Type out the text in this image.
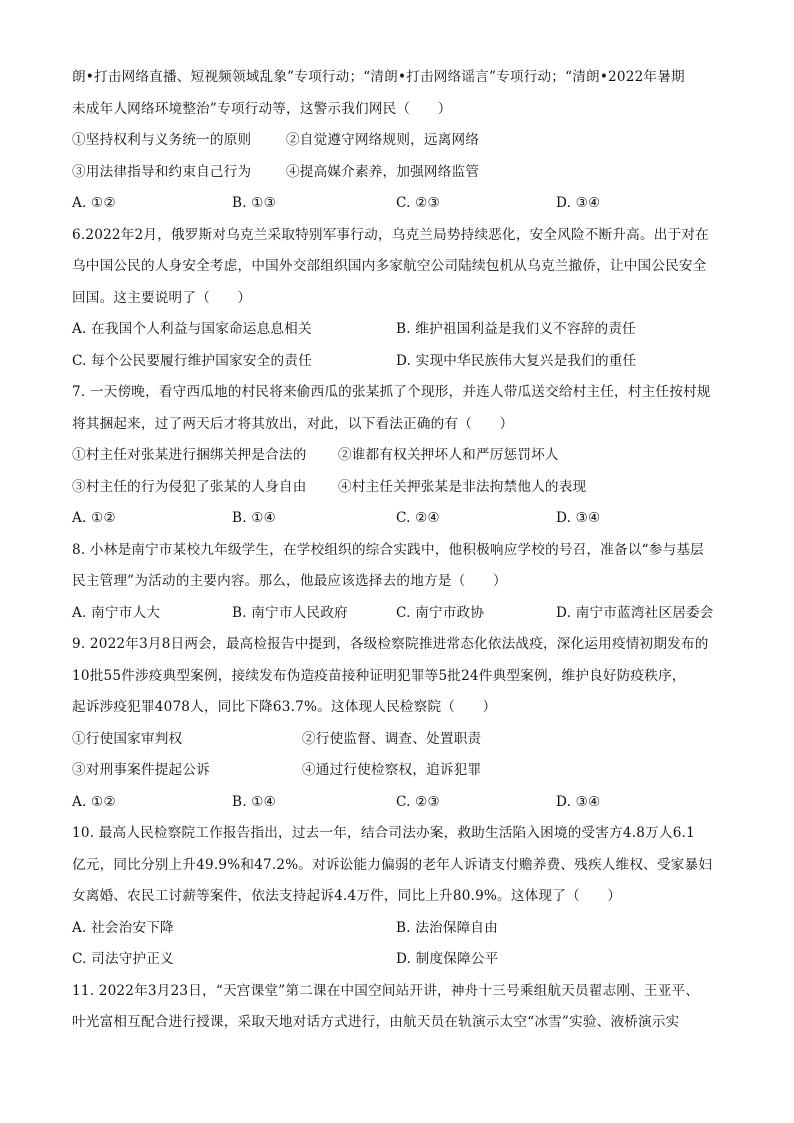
朗•打击网络直播、短视频领域乱象”专项行动；“清朗•打击网络谣言”专项行动；“清朗•2022年暑期
未成年人网络环境整治”专项行动等，这警示我们网民（　　）
①坚持权利与义务统一的原则	②自觉遵守网络规则，远离网络
③用法律指导和约束自己行为	④提高媒介素养，加强网络监管
A. ①②	B. ①③	C. ②③	D. ③④
6.2022年2月，俄罗斯对乌克兰采取特别军事行动，乌克兰局势持续恶化，安全风险不断升高。出于对在
乌中国公民的人身安全考虑，中国外交部组织国内多家航空公司陆续包机从乌克兰撤侨，让中国公民安全
回国。这主要说明了（　　）
A. 在我国个人利益与国家命运息息相关	B. 维护祖国利益是我们义不容辞的责任
C. 每个公民要履行维护国家安全的责任	D. 实现中华民族伟大复兴是我们的重任
7. 一天傍晚，看守西瓜地的村民将来偷西瓜的张某抓了个现形，并连人带瓜送交给村主任，村主任按村规
将其捆起来，过了两天后才将其放出，对此，以下看法正确的有（　　）
①村主任对张某进行捆绑关押是合法的 ②谁都有权关押坏人和严厉惩罚坏人
③村主任的行为侵犯了张某的人身自由 ④村主任关押张某是非法拘禁他人的表现
A. ①②	B. ①④	C. ②④	D. ③④
8. 小林是南宁市某校九年级学生，在学校组织的综合实践中，他积极响应学校的号召，准备以“参与基层
民主管理”为活动的主要内容。那么，他最应该选择去的地方是（　　）
A. 南宁市人大	B. 南宁市人民政府	C. 南宁市政协	D. 南宁市蓝湾社区居委会
9. 2022年3月8日两会，最高检报告中提到，各级检察院推进常态化依法战疫，深化运用疫情初期发布的
10批55件涉疫典型案例，接续发布伪造疫苗接种证明犯罪等5批24件典型案例，维护良好防疫秩序，
起诉涉疫犯罪4078人，同比下降63.7%。这体现人民检察院（　　）
①行使国家审判权	②行使监督、调查、处置职责
③对刑事案件提起公诉	④通过行使检察权，追诉犯罪
A. ①②	B. ①④	C. ②③	D. ③④
10. 最高人民检察院工作报告指出，过去一年，结合司法办案，救助生活陷入困境的受害方4.8万人6.1
亿元，同比分别上升49.9%和47.2%。对诉讼能力偏弱的老年人诉请支付赡养费、残疾人维权、受家暴妇
女离婚、农民工讨薪等案件，依法支持起诉4.4万件，同比上升80.9%。这体现了（　　）
A. 社会治安下降	B. 法治保障自由
C. 司法守护正义	D. 制度保障公平
11. 2022年3月23日，“天宫课堂”第二课在中国空间站开讲，神舟十三号乘组航天员翟志刚、王亚平、
叶光富相互配合进行授课，采取天地对话方式进行，由航天员在轨演示太空“冰雪”实验、液桥演示实
